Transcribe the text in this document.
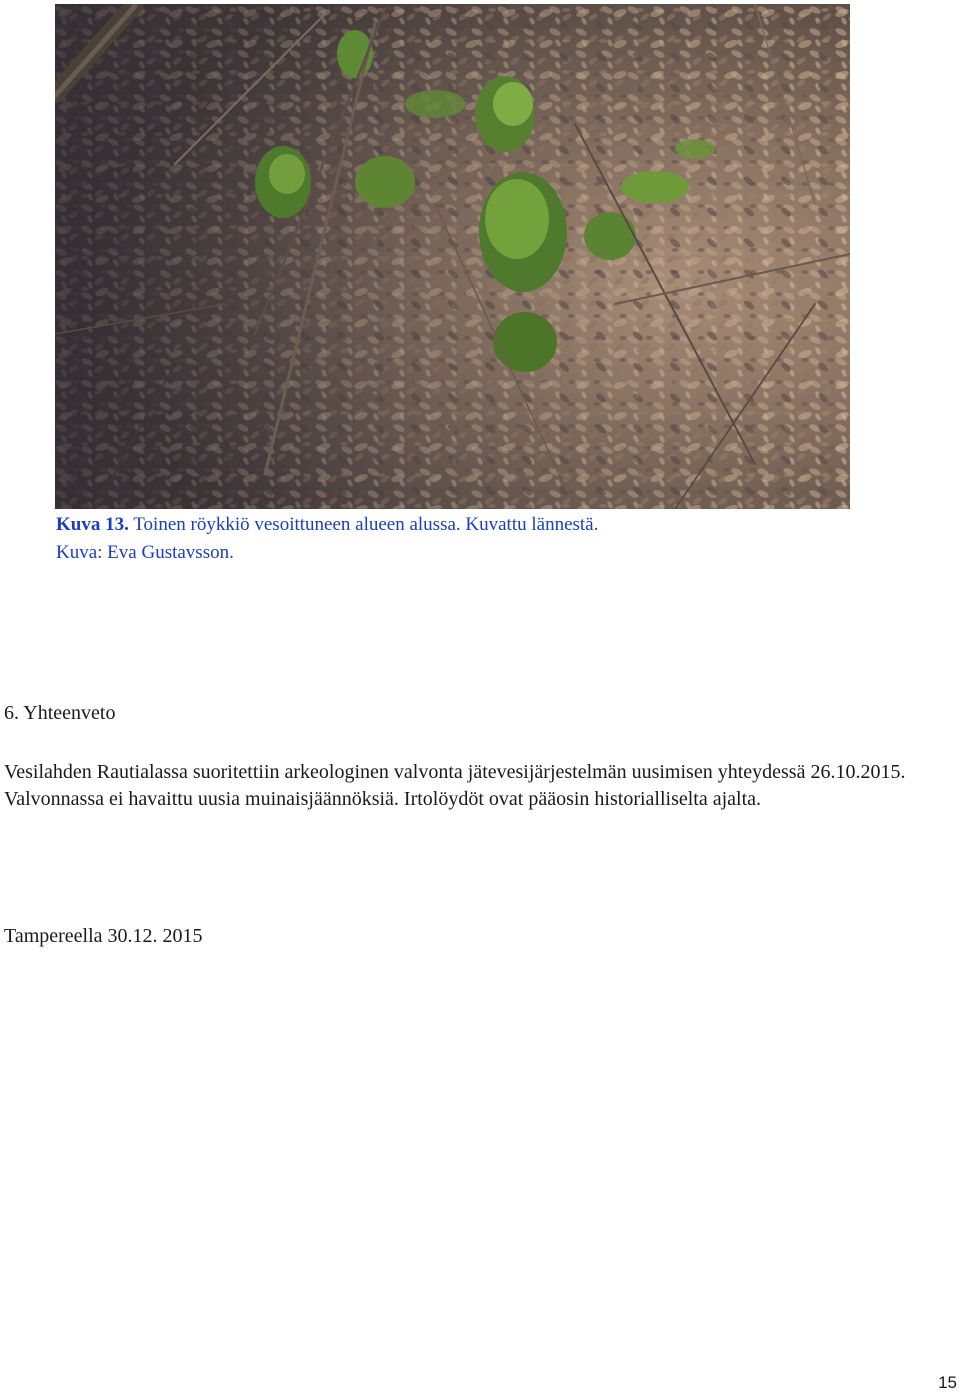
Kuva 13. Toinen röykkiö vesoittuneen alueen alussa. Kuvattu lännestä.
Kuva: Eva Gustavsson.
6. Yhteenveto

Vesilahden Rautialassa suoritettiin arkeologinen valvonta jätevesijärjestelmän uusimisen yhteydessä 26.10.2015. Valvonnassa ei havaittu uusia muinaisjäännöksiä. Irtolöydöt ovat pääosin historialliselta ajalta.

Tampereella 30.12. 2015

15
